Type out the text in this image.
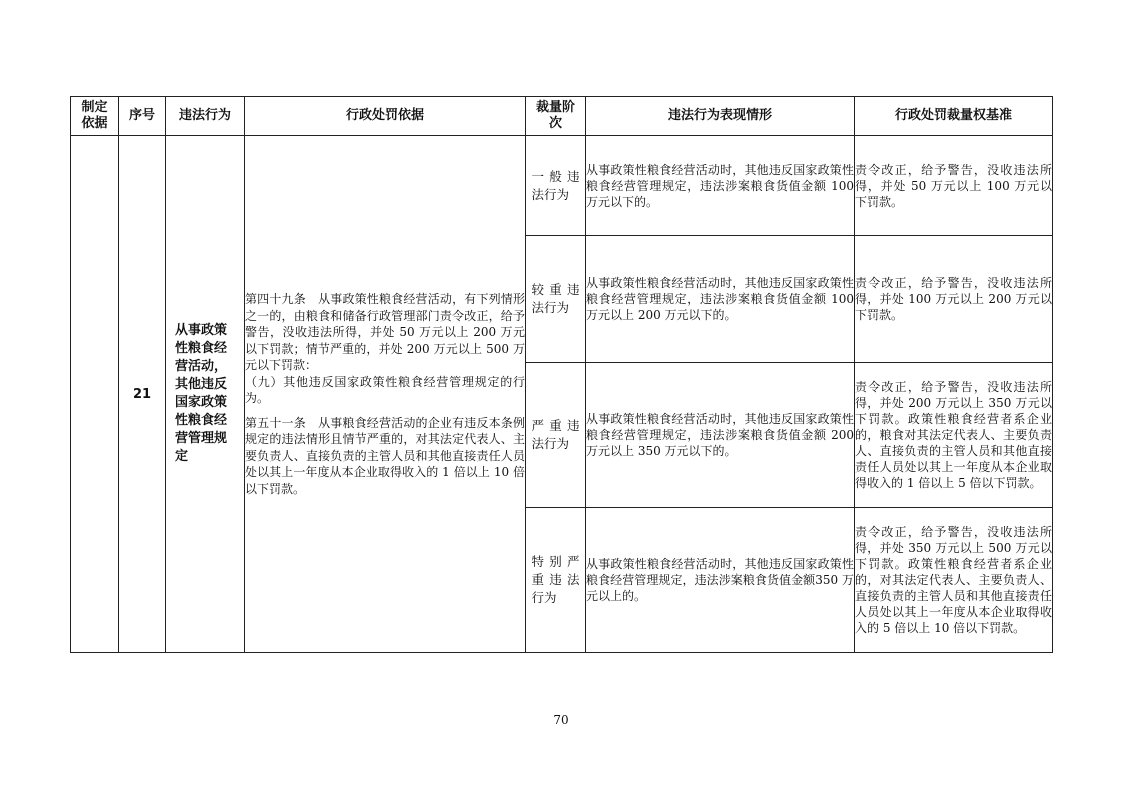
制定依据	序号	违法行为	行政处罚依据	裁量阶次	违法行为表现情形	行政处罚裁量权基准
	21	从事政策性粮食经营活动，其他违反国家政策性粮食经营管理规定	第四十九条　从事政策性粮食经营活动，有下列情形之一的，由粮食和储备行政管理部门责令改正，给予警告，没收违法所得，并处 50 万元以上 200 万元以下罚款；情节严重的，并处 200 万元以上 500 万元以下罚款：

（九）其他违反国家政策性粮食经营管理规定的行为。

第五十一条　从事粮食经营活动的企业有违反本条例规定的违法情形且情节严重的，对其法定代表人、主要负责人、直接负责的主管人员和其他直接责任人员处以其上一年度从本企业取得收入的 1 倍以上 10 倍以下罚款。	一般违法行为	从事政策性粮食经营活动时，其他违反国家政策性粮食经营管理规定，违法涉案粮食货值金额 100 万元以下的。	责令改正，给予警告，没收违法所得，并处 50 万元以上 100 万元以下罚款。
				较重违法行为	从事政策性粮食经营活动时，其他违反国家政策性粮食经营管理规定，违法涉案粮食货值金额 100 万元以上 200 万元以下的。	责令改正，给予警告，没收违法所得，并处 100 万元以上 200 万元以下罚款。
				严重违法行为	从事政策性粮食经营活动时，其他违反国家政策性粮食经营管理规定，违法涉案粮食货值金额 200 万元以上 350 万元以下的。	责令改正，给予警告，没收违法所得，并处 200 万元以上 350 万元以下罚款。政策性粮食经营者系企业的，粮食对其法定代表人、主要负责人、直接负责的主管人员和其他直接责任人员处以其上一年度从本企业取得收入的 1 倍以上 5 倍以下罚款。
				特别严重违法行为	从事政策性粮食经营活动时，其他违反国家政策性粮食经营管理规定，违法涉案粮食货值金额350 万元以上的。	责令改正，给予警告，没收违法所得，并处 350 万元以上 500 万元以下罚款。政策性粮食经营者系企业的，对其法定代表人、主要负责人、直接负责的主管人员和其他直接责任人员处以其上一年度从本企业取得收入的 5 倍以上 10 倍以下罚款。
70
